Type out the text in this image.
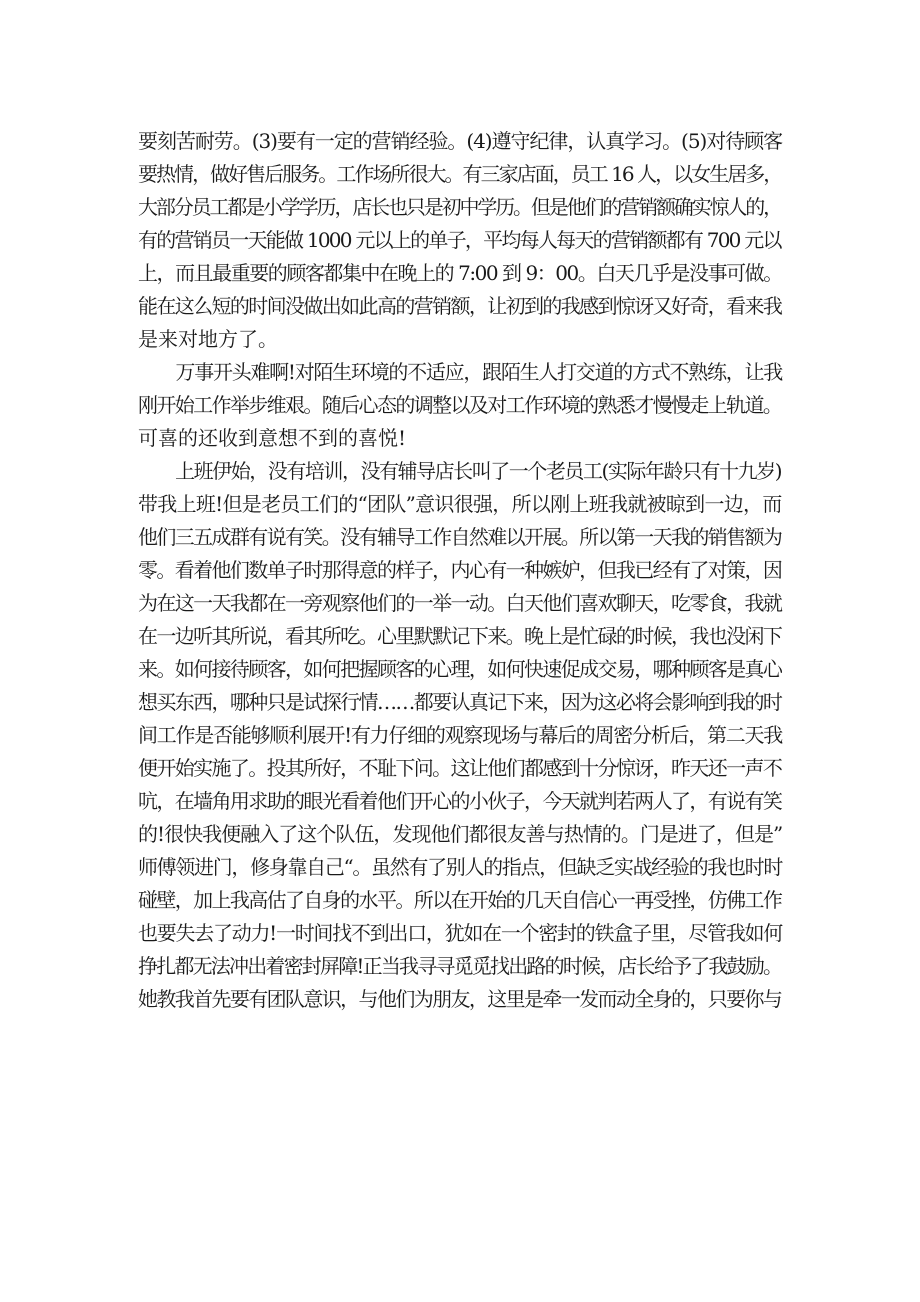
要刻苦耐劳。(3)要有一定的营销经验。(4)遵守纪律，认真学习。(5)对待顾客
要热情，做好售后服务。工作场所很大。有三家店面，员工 16 人，以女生居多，
大部分员工都是小学学历，店长也只是初中学历。但是他们的营销额确实惊人的，
有的营销员一天能做 1000 元以上的单子，平均每人每天的营销额都有 700 元以
上，而且最重要的顾客都集中在晚上的 7:00 到 9：00。白天几乎是没事可做。
能在这么短的时间没做出如此高的营销额，让初到的我感到惊讶又好奇，看来我
是来对地方了。
　　万事开头难啊!对陌生环境的不适应，跟陌生人打交道的方式不熟练，让我
刚开始工作举步维艰。随后心态的调整以及对工作环境的熟悉才慢慢走上轨道。
可喜的还收到意想不到的喜悦!
　　上班伊始，没有培训，没有辅导店长叫了一个老员工(实际年龄只有十九岁)
带我上班!但是老员工们的“团队”意识很强，所以刚上班我就被晾到一边，而
他们三五成群有说有笑。没有辅导工作自然难以开展。所以第一天我的销售额为
零。看着他们数单子时那得意的样子，内心有一种嫉妒，但我已经有了对策，因
为在这一天我都在一旁观察他们的一举一动。白天他们喜欢聊天，吃零食，我就
在一边听其所说，看其所吃。心里默默记下来。晚上是忙碌的时候，我也没闲下
来。如何接待顾客，如何把握顾客的心理，如何快速促成交易，哪种顾客是真心
想买东西，哪种只是试探行情……都要认真记下来，因为这必将会影响到我的时
间工作是否能够顺利展开!有力仔细的观察现场与幕后的周密分析后，第二天我
便开始实施了。投其所好，不耻下问。这让他们都感到十分惊讶，昨天还一声不
吭，在墙角用求助的眼光看着他们开心的小伙子，今天就判若两人了，有说有笑
的!很快我便融入了这个队伍，发现他们都很友善与热情的。门是进了，但是”
师傅领进门，修身靠自己“。虽然有了别人的指点，但缺乏实战经验的我也时时
碰壁，加上我高估了自身的水平。所以在开始的几天自信心一再受挫，仿佛工作
也要失去了动力!一时间找不到出口，犹如在一个密封的铁盒子里，尽管我如何
挣扎都无法冲出着密封屏障!正当我寻寻觅觅找出路的时候，店长给予了我鼓励。
她教我首先要有团队意识，与他们为朋友，这里是牵一发而动全身的，只要你与
